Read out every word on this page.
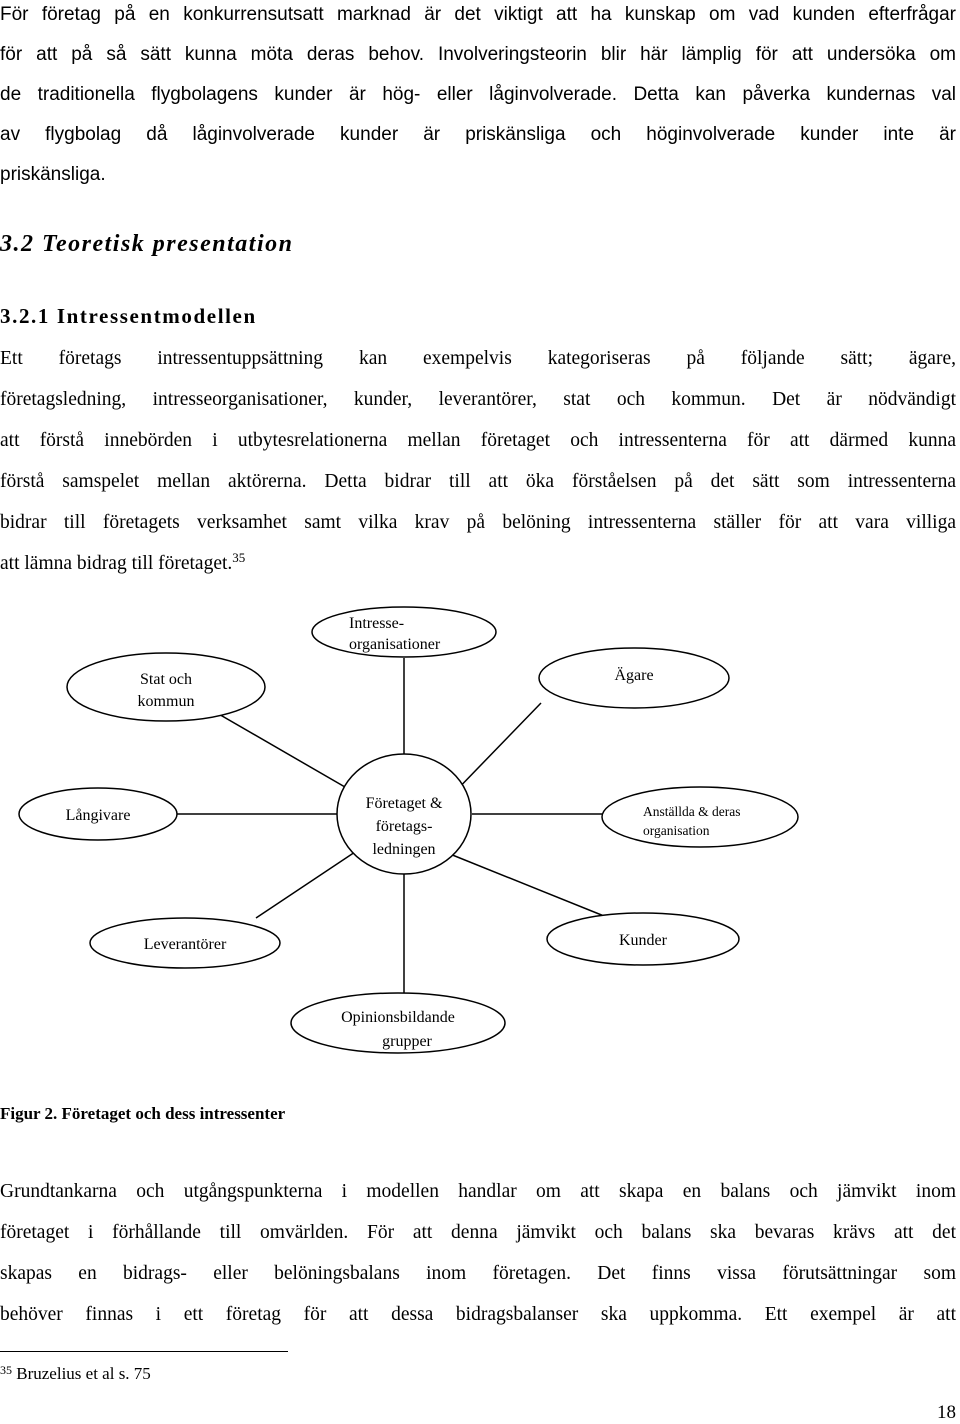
För företag på en konkurrensutsatt marknad är det viktigt att ha kunskap om vad kunden efterfrågar
för att på så sätt kunna möta deras behov. Involveringsteorin blir här lämplig för att undersöka om
de traditionella flygbolagens kunder är hög- eller låginvolverade. Detta kan påverka kundernas val
av flygbolag då låginvolverade kunder är priskänsliga och höginvolverade kunder inte är
priskänsliga.
3.2 Teoretisk presentation
3.2.1 Intressentmodellen
Ett företags intressentuppsättning kan exempelvis kategoriseras på följande sätt; ägare,
företagsledning, intresseorganisationer, kunder, leverantörer, stat och kommun. Det är nödvändigt
att förstå innebörden i utbytesrelationerna mellan företaget och intressenterna för att därmed kunna
förstå samspelet mellan aktörerna. Detta bidrar till att öka förståelsen på det sätt som intressenterna
bidrar till företagets verksamhet samt vilka krav på belöning intressenterna ställer för att vara villiga
att lämna bidrag till företaget.$^{35}$
Intresse-
organisationer
Stat och
kommun
Ägare
Företaget &
företags-
ledningen
Långivare	Anställda & deras
organisation
Leverantörer	Kunder
Opinionsbildande
grupper
Figur 2. Företaget och dess intressenter
Grundtankarna och utgångspunkterna i modellen handlar om att skapa en balans och jämvikt inom
företaget i förhållande till omvärlden. För att denna jämvikt och balans ska bevaras krävs att det
skapas en bidrags- eller belöningsbalans inom företagen. Det finns vissa förutsättningar som
behöver finnas i ett företag för att dessa bidragsbalanser ska uppkomma. Ett exempel är att
$^{35}$ Bruzelius et al s. 75
18
